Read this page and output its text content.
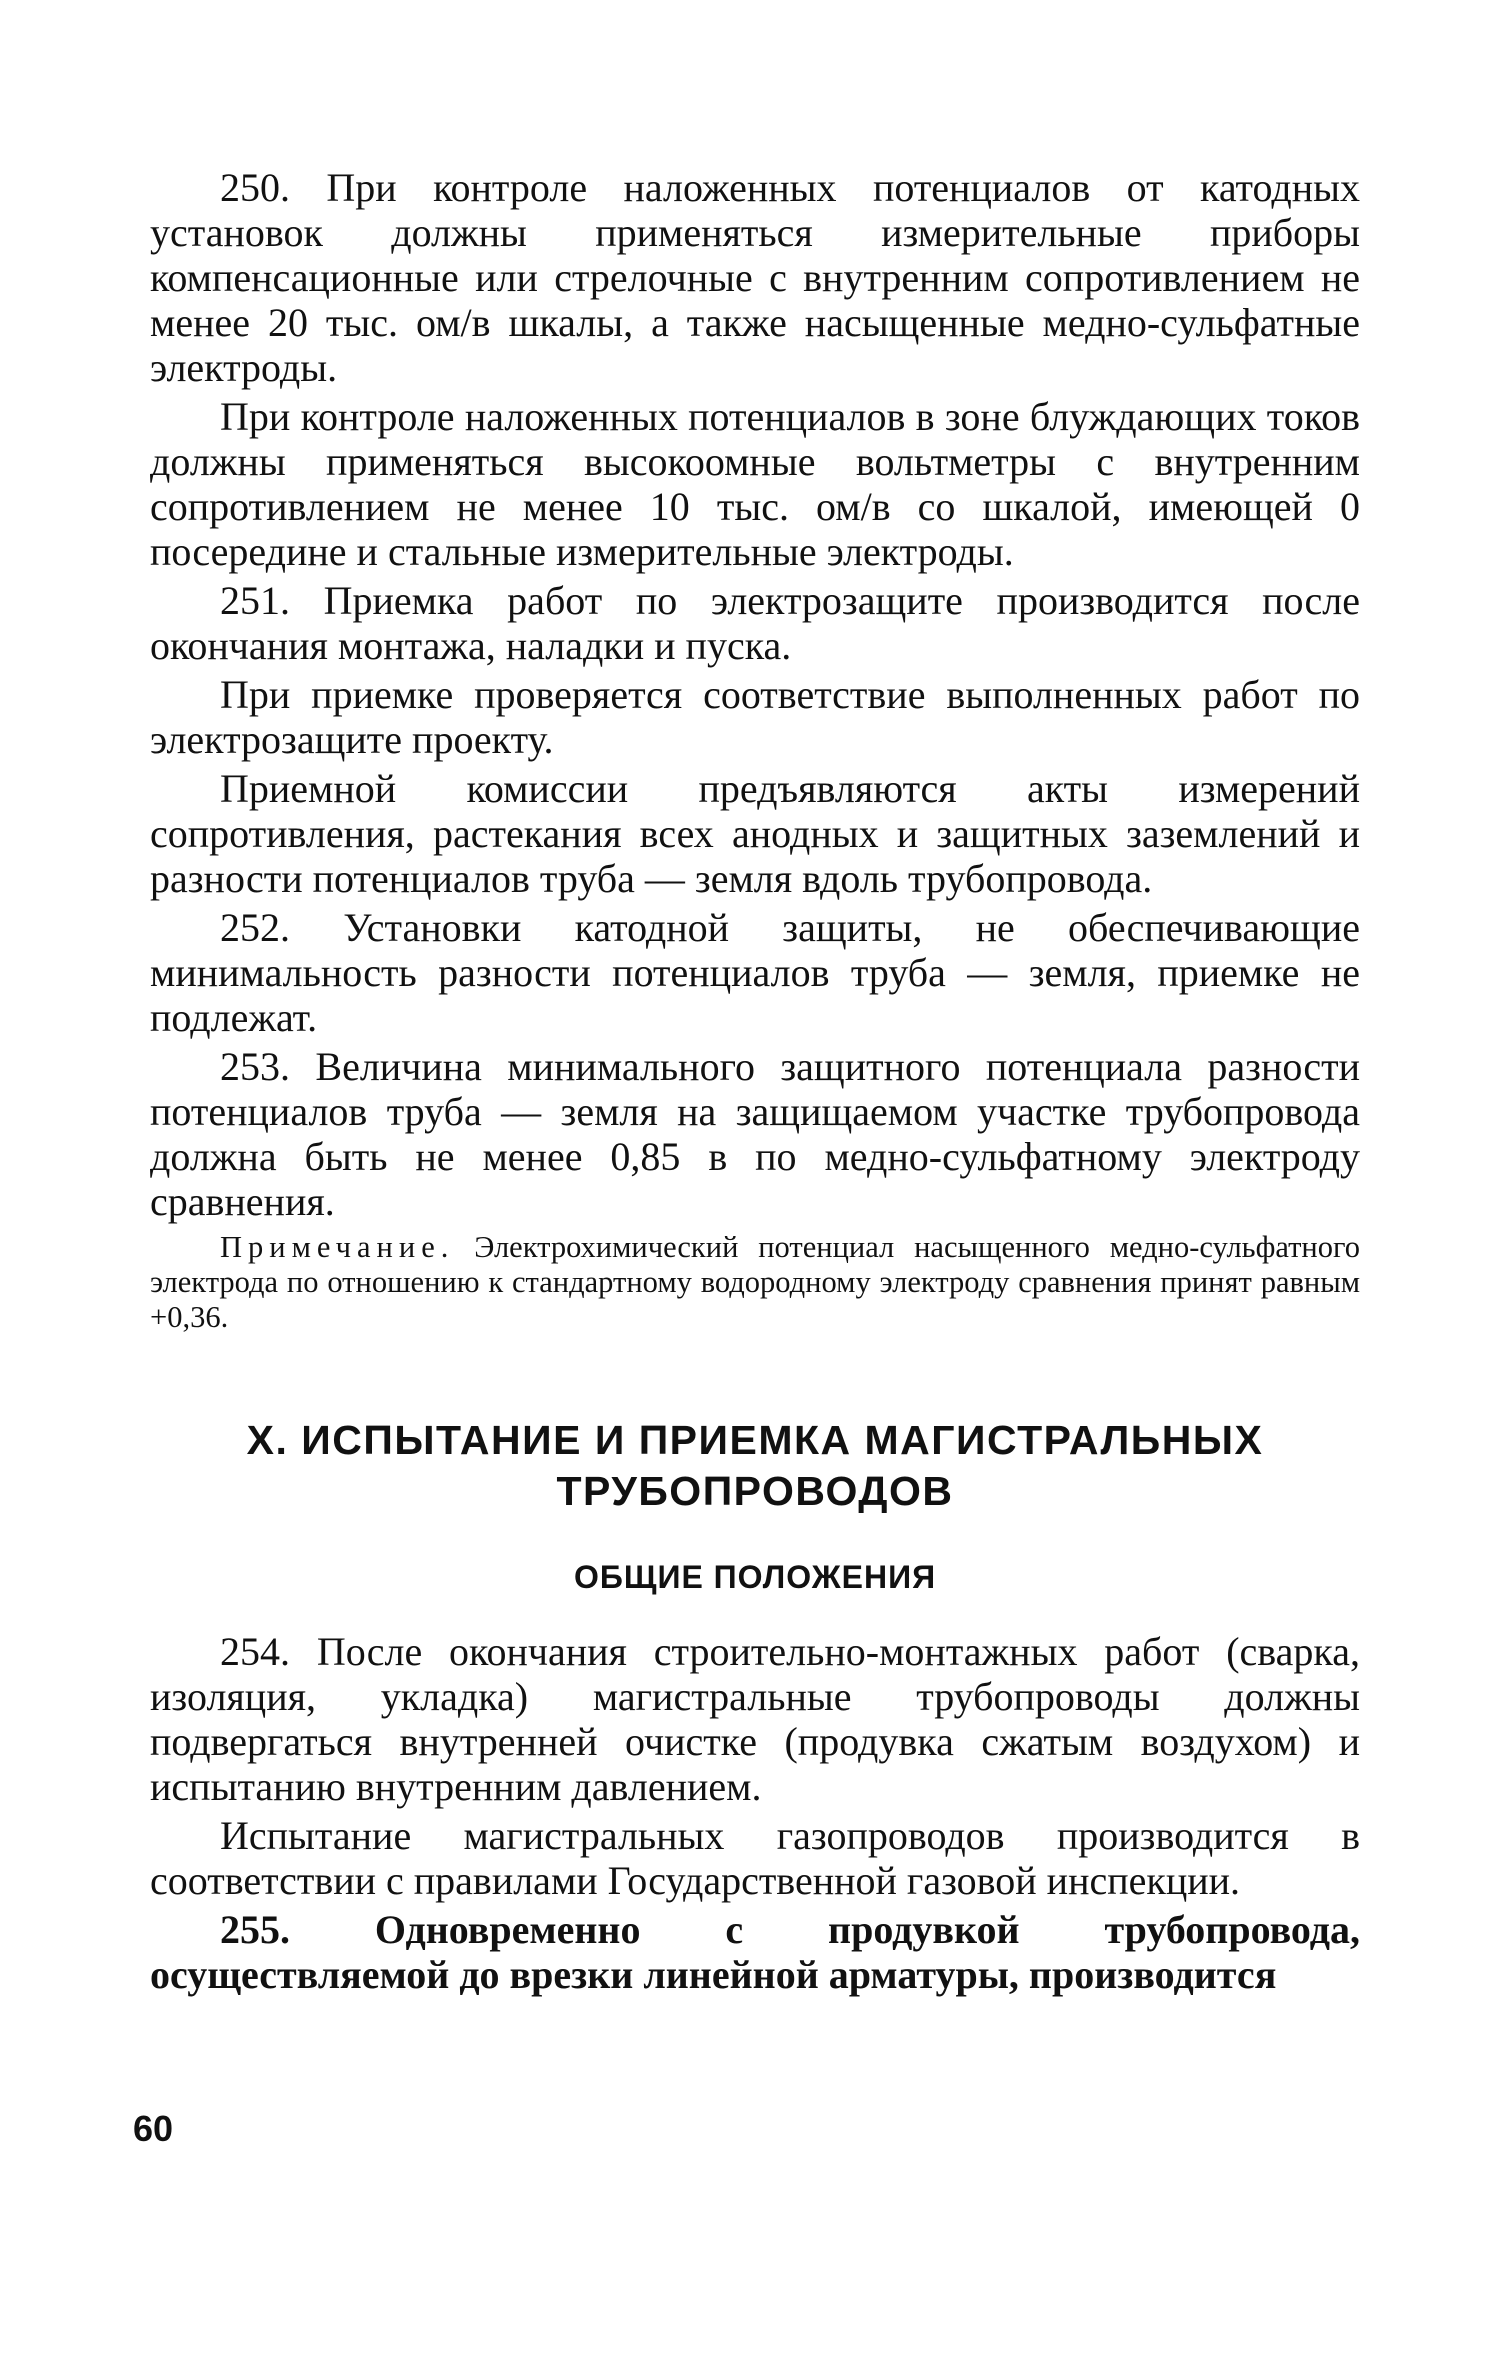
250. При контроле наложенных потенциалов от катодных установок должны применяться измерительные приборы компенсационные или стрелочные с внутренним сопротивлением не менее 20 тыс. ом/в шкалы, а также насыщенные медно-сульфатные электроды.

При контроле наложенных потенциалов в зоне блуждающих токов должны применяться высокоомные вольтметры с внутренним сопротивлением не менее 10 тыс. ом/в со шкалой, имеющей 0 посередине и стальные измерительные электроды.

251. Приемка работ по электрозащите производится после окончания монтажа, наладки и пуска.

При приемке проверяется соответствие выполненных работ по электрозащите проекту.

Приемной комиссии предъявляются акты измерений сопротивления, растекания всех анодных и защитных заземлений и разности потенциалов труба — земля вдоль трубопровода.

252. Установки катодной защиты, не обеспечивающие минимальность разности потенциалов труба — земля, приемке не подлежат.

253. Величина минимального защитного потенциала разности потенциалов труба — земля на защищаемом участке трубопровода должна быть не менее 0,85 в по медно-сульфатному электроду сравнения.

Примечание. Электрохимический потенциал насыщенного медно-сульфатного электрода по отношению к стандартному водородному электроду сравнения принят равным +0,36.

X. ИСПЫТАНИЕ И ПРИЕМКА МАГИСТРАЛЬНЫХ
ТРУБОПРОВОДОВ
ОБЩИЕ ПОЛОЖЕНИЯ

254. После окончания строительно-монтажных работ (сварка, изоляция, укладка) магистральные трубопроводы должны подвергаться внутренней очистке (продувка сжатым воздухом) и испытанию внутренним давлением.

Испытание магистральных газопроводов производится в соответствии с правилами Государственной газовой инспекции.

255. Одновременно с продувкой трубопровода, осуществляемой до врезки линейной арматуры, производится

60
